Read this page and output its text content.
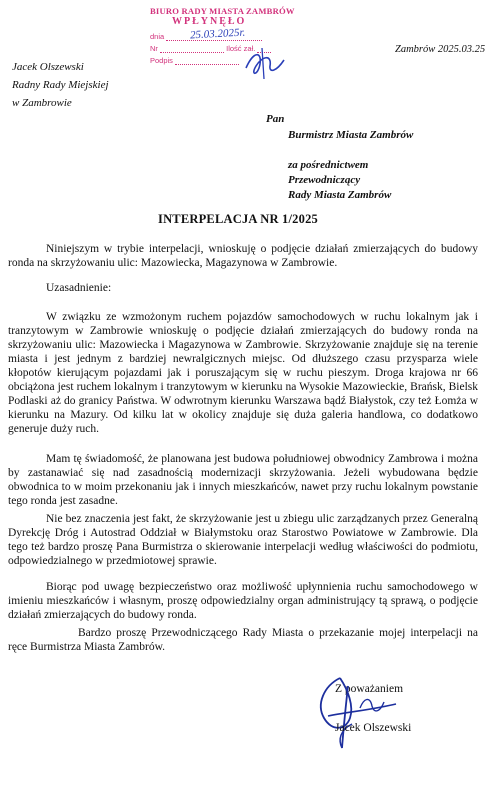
BIURO RADY MIASTA ZAMBRÓW
WPŁYNĘŁO
dnia	25.03.2025r.
Nr	Ilość zał.
Podpis
Zambrów 2025.03.25
Jacek Olszewski
Radny Rady Miejskiej
w Zambrowie
Pan
Burmistrz Miasta Zambrów
za pośrednictwem
Przewodniczący
Rady Miasta Zambrów
INTERPELACJA NR 1/2025
Niniejszym w trybie interpelacji, wnioskuję o podjęcie działań zmierzających do budowy ronda na skrzyżowaniu ulic: Mazowiecka, Magazynowa w Zambrowie.
Uzasadnienie:
W związku ze wzmożonym ruchem pojazdów samochodowych w ruchu lokalnym jak i tranzytowym w Zambrowie wnioskuję o podjęcie działań zmierzających do budowy ronda na skrzyżowaniu ulic: Mazowiecka i Magazynowa w Zambrowie. Skrzyżowanie znajduje się na terenie miasta i jest jednym z bardziej newralgicznych miejsc. Od dłuższego czasu przysparza wiele kłopotów kierującym pojazdami jak i poruszającym się w ruchu pieszym. Droga krajowa nr 66 obciążona jest ruchem lokalnym i tranzytowym w kierunku na Wysokie Mazowieckie, Brańsk, Bielsk Podlaski aż do granicy Państwa. W odwrotnym kierunku Warszawa bądź Białystok, czy też Łomża w kierunku na Mazury. Od kilku lat w okolicy znajduje się duża galeria handlowa, co dodatkowo generuje duży ruch.
Mam tę świadomość, że planowana jest budowa południowej obwodnicy Zambrowa i można by zastanawiać się nad zasadnością modernizacji skrzyżowania. Jeżeli wybudowana będzie obwodnica to w moim przekonaniu jak i innych mieszkańców, nawet przy ruchu lokalnym powstanie tego ronda jest zasadne.
Nie bez znaczenia jest fakt, że skrzyżowanie jest u zbiegu ulic zarządzanych przez Generalną Dyrekcję Dróg i Autostrad Oddział w Białymstoku oraz Starostwo Powiatowe w Zambrowie. Dla tego też bardzo proszę Pana Burmistrza o skierowanie interpelacji według właściwości do podmiotu, odpowiedzialnego w przedmiotowej sprawie.
Biorąc pod uwagę bezpieczeństwo oraz możliwość upłynnienia ruchu samochodowego w imieniu mieszkańców i własnym, proszę odpowiedzialny organ administrujący tą sprawą, o podjęcie działań zmierzających do budowy ronda.
Bardzo proszę Przewodniczącego Rady Miasta o przekazanie mojej interpelacji na ręce Burmistrza Miasta Zambrów.
Z poważaniem
Jacek Olszewski
